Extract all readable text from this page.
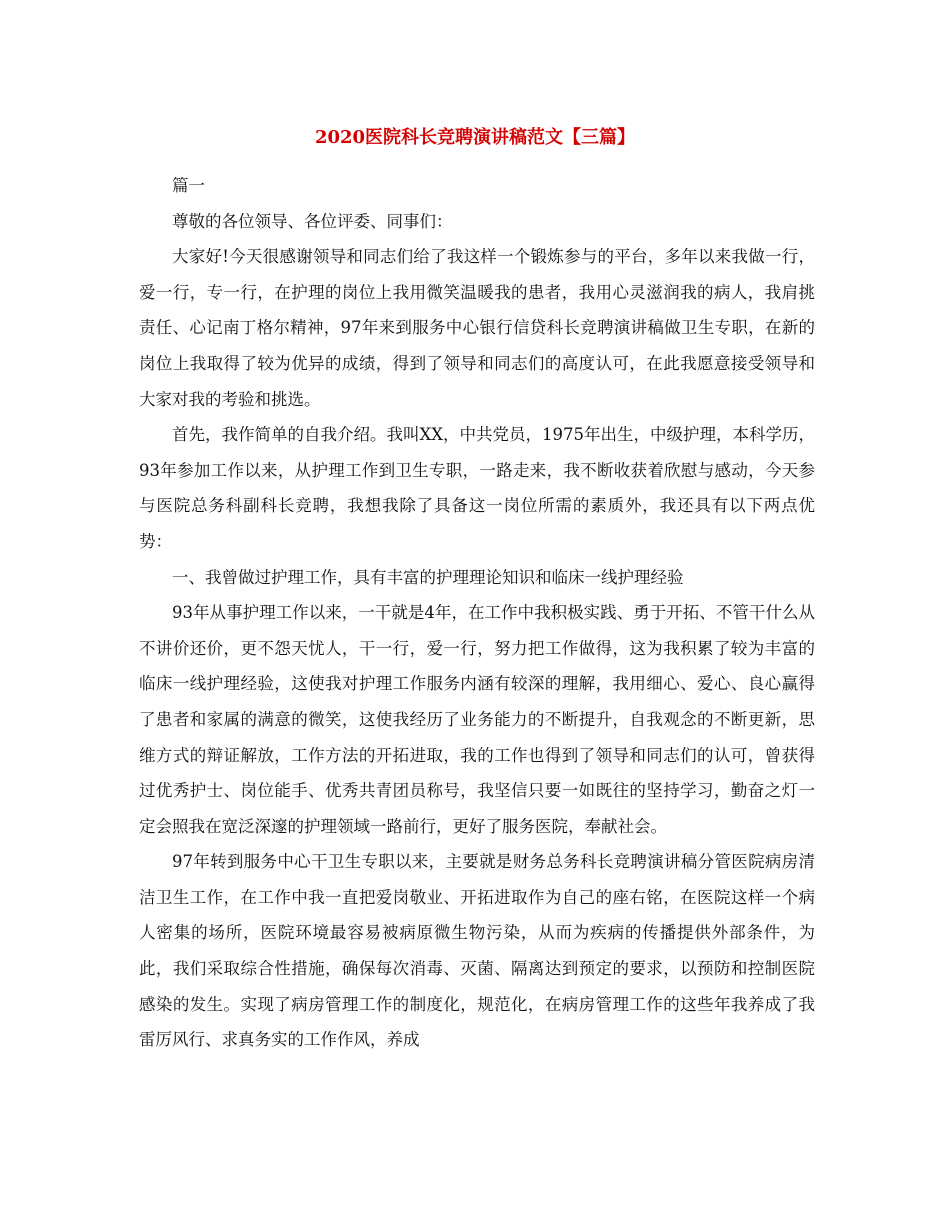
2020医院科长竞聘演讲稿范文【三篇】

篇一

尊敬的各位领导、各位评委、同事们：

大家好!今天很感谢领导和同志们给了我这样一个锻炼参与的平台，多年以来我做一行，爱一行，专一行，在护理的岗位上我用微笑温暖我的患者，我用心灵滋润我的病人，我肩挑责任、心记南丁格尔精神，97年来到服务中心银行信贷科长竞聘演讲稿做卫生专职，在新的岗位上我取得了较为优异的成绩，得到了领导和同志们的高度认可，在此我愿意接受领导和大家对我的考验和挑选。

首先，我作简单的自我介绍。我叫XX，中共党员，1975年出生，中级护理，本科学历，93年参加工作以来，从护理工作到卫生专职，一路走来，我不断收获着欣慰与感动，今天参与医院总务科副科长竞聘，我想我除了具备这一岗位所需的素质外，我还具有以下两点优势：

一、我曾做过护理工作，具有丰富的护理理论知识和临床一线护理经验

93年从事护理工作以来，一干就是4年，在工作中我积极实践、勇于开拓、不管干什么从不讲价还价，更不怨天忧人，干一行，爱一行，努力把工作做得，这为我积累了较为丰富的临床一线护理经验，这使我对护理工作服务内涵有较深的理解，我用细心、爱心、良心赢得了患者和家属的满意的微笑，这使我经历了业务能力的不断提升，自我观念的不断更新，思维方式的辩证解放，工作方法的开拓进取，我的工作也得到了领导和同志们的认可，曾获得过优秀护士、岗位能手、优秀共青团员称号，我坚信只要一如既往的坚持学习，勤奋之灯一定会照我在宽泛深邃的护理领域一路前行，更好了服务医院，奉献社会。

97年转到服务中心干卫生专职以来，主要就是财务总务科长竞聘演讲稿分管医院病房清洁卫生工作，在工作中我一直把爱岗敬业、开拓进取作为自己的座右铭，在医院这样一个病人密集的场所，医院环境最容易被病原微生物污染，从而为疾病的传播提供外部条件，为此，我们采取综合性措施，确保每次消毒、灭菌、隔离达到预定的要求，以预防和控制医院感染的发生。实现了病房管理工作的制度化，规范化，在病房管理工作的这些年我养成了我雷厉风行、求真务实的工作作风，养成
